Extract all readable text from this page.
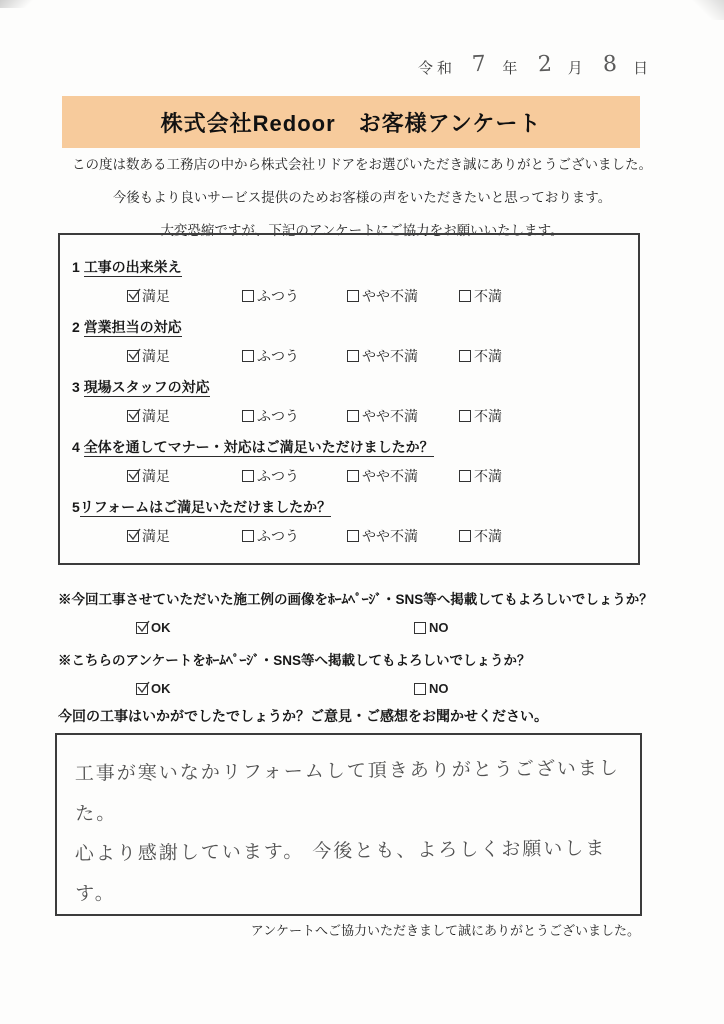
令和 7 年 2 月 8 日
株式会社Redoor　お客様アンケート

この度は数ある工務店の中から株式会社リドアをお選びいただき誠にありがとうございました。

今後もより良いサービス提供のためお客様の声をいただきたいと思っております。

大変恐縮ですが、下記のアンケートにご協力をお願いいたします。

1 工事の出来栄え
満足	ふつう	やや不満	不満
2 営業担当の対応
満足	ふつう	やや不満	不満
3 現場スタッフの対応
満足	ふつう	やや不満	不満
4 全体を通してマナー・対応はご満足いただけましたか？
満足	ふつう	やや不満	不満
5リフォームはご満足いただけましたか？
満足	ふつう	やや不満	不満
※今回工事させていただいた施工例の画像をﾎｰﾑﾍﾟｰｼﾞ・SNS等へ掲載してもよろしいでしょうか？
OK	NO
※こちらのアンケートをﾎｰﾑﾍﾟｰｼﾞ・SNS等へ掲載してもよろしいでしょうか？
OK	NO
今回の工事はいかがでしたでしょうか？ご意見・ご感想をお聞かせください。

工事が寒いなかリフォームして頂きありがとうございました。

心より感謝しています。 今後とも、よろしくお願いします。

アンケートへご協力いただきまして誠にありがとうございました。
